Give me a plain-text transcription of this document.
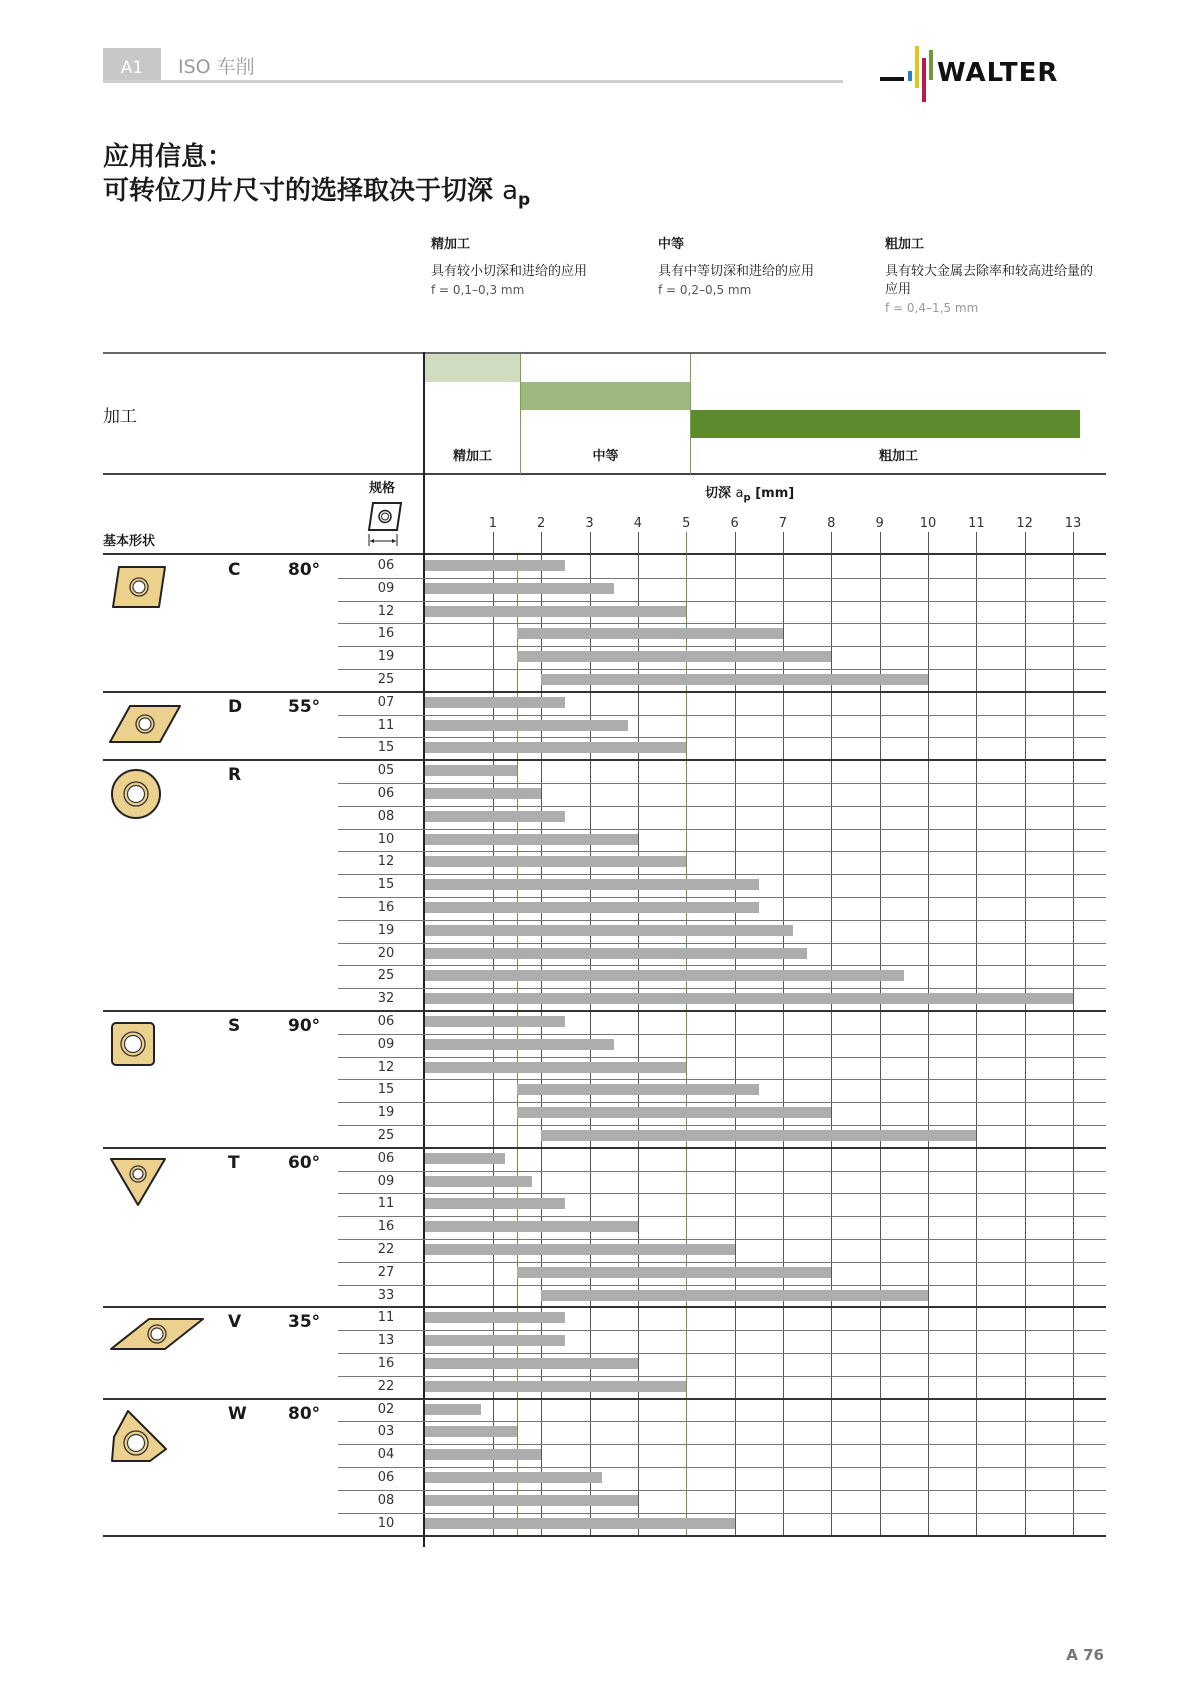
A1	ISO 车削	WALTER
应用信息：
可转位刀片尺寸的选择取决于切深 $a_p$
精加工
具有较小切深和进给的应用
f = 0,1–0,3 mm
中等
具有中等切深和进给的应用
f = 0,2–0,5 mm
粗加工
具有较大金属去除率和较高进给量的应用
f = 0,4–1,5 mm
加工
精加工	中等	粗加工
基本形状
规格	切深 $a_p$ [mm]
1	2	3	4	5	6	7	8	9	10	11	12	13
C	80°	06
09
12
16
19
25
D	55°	07
11
15
R	05
06
08
10
12
15
16
19
20
25
32
S	90°	06
09
12
15
19
25
T	60°	06
09
11
16
22
27
33
V	35°	11
13
16
22
W 80°	02
03
04
06
08
10
A 76
